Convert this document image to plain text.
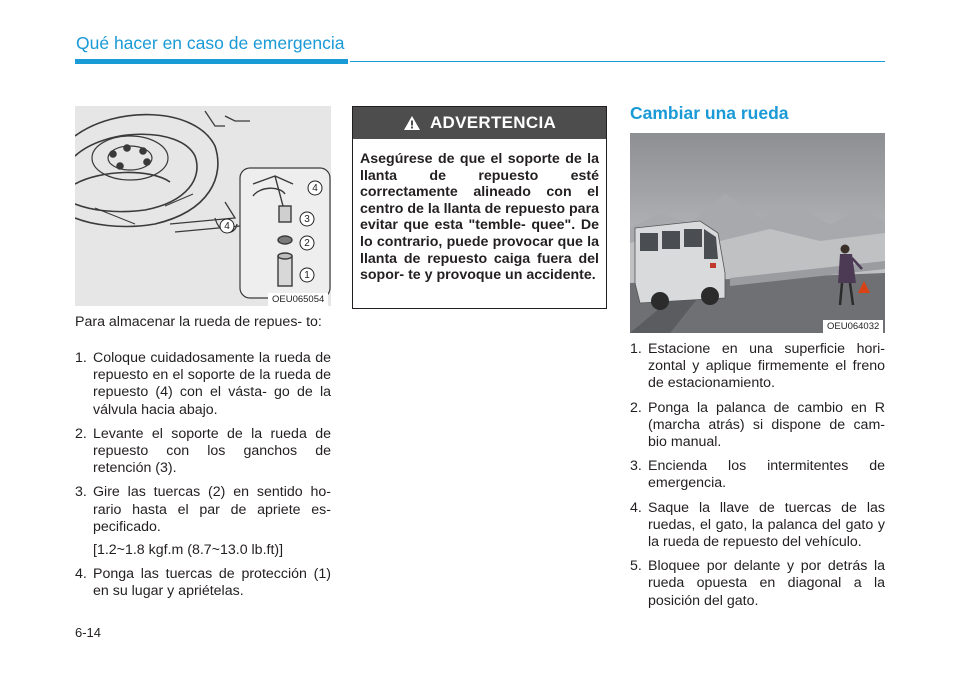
Qué hacer en caso de emergencia
1
2
3
4
4
OEU065054
Para almacenar la rueda de repues- to:
1. Coloque cuidadosamente la rueda de repuesto en el soporte de la rueda de repuesto (4) con el vásta- go de la válvula hacia abajo.
2. Levante el soporte de la rueda de repuesto con los ganchos de retención (3).
3. Gire las tuercas (2) en sentido ho- rario hasta el par de apriete es- pecificado.
[1.2~1.8 kgf.m (8.7~13.0 lb.ft)]
4. Ponga las tuercas de protección (1) en su lugar y apriételas.
ADVERTENCIA
Asegúrese de que el soporte de la llanta de repuesto esté correctamente alineado con el centro de la llanta de repuesto para evitar que esta "temble- quee". De lo contrario, puede provocar que la llanta de repuesto caiga fuera del sopor- te y provoque un accidente.
Cambiar una rueda
OEU064032
1. Estacione en una superficie hori- zontal y aplique firmemente el freno de estacionamiento.
2. Ponga la palanca de cambio en R (marcha atrás) si dispone de cam- bio manual.
3. Encienda los intermitentes de emergencia.
4. Saque la llave de tuercas de las ruedas, el gato, la palanca del gato y la rueda de repuesto del vehículo.
5. Bloquee por delante y por detrás la rueda opuesta en diagonal a la posición del gato.
6-14
